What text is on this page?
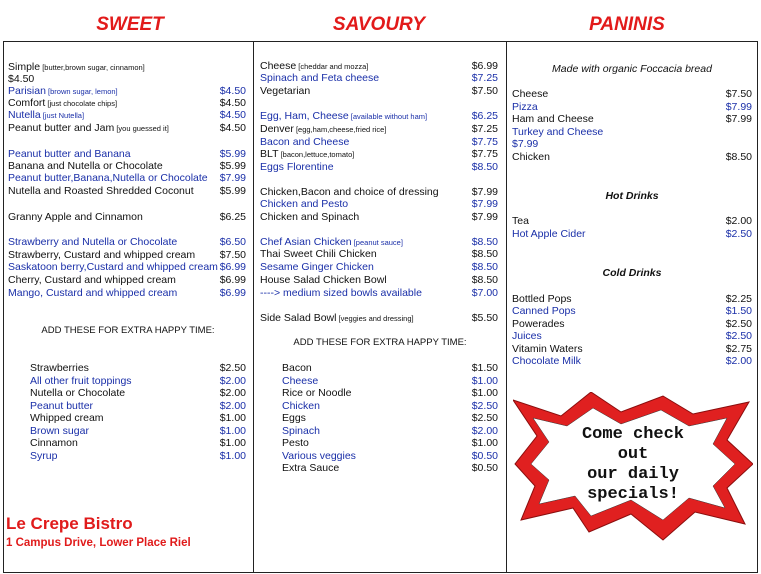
SWEET	SAVOURY	PANINIS
Simple [butter,brown sugar, cinnamon]
$4.50
Parisian [brown sugar, lemon]	$4.50
Comfort [just chocolate chips]	$4.50
Nutella [just Nutella]	$4.50
Peanut butter and Jam [you guessed it]	$4.50
Peanut butter and Banana	$5.99
Banana and Nutella or Chocolate	$5.99
Peanut butter,Banana,Nutella or Chocolate $7.99
Nutella and Roasted Shredded Coconut $5.99
Granny Apple and Cinnamon	$6.25
Strawberry and Nutella or Chocolate	$6.50
Strawberry, Custard and whipped cream $7.50
Saskatoon berry,Custard and whipped cream $6.99
Cherry, Custard and whipped cream	$6.99
Mango, Custard and whipped cream	$6.99
ADD THESE FOR EXTRA HAPPY TIME:
Strawberries	$2.50
All other fruit toppings	$2.00
Nutella or Chocolate	$2.00
Peanut butter	$2.00
Whipped cream	$1.00
Brown sugar	$1.00
Cinnamon	$1.00
Syrup	$1.00
Le Crepe Bistro
1 Campus Drive, Lower Place Riel
Cheese [cheddar and mozza]	$6.99
Spinach and Feta cheese	$7.25
Vegetarian	$7.50
Egg, Ham, Cheese [available without ham]	$6.25
Denver [egg,ham,cheese,fried rice]	$7.25
Bacon and Cheese	$7.75
BLT [bacon,lettuce,tomato]	$7.75
Eggs Florentine	$8.50
Chicken,Bacon and choice of dressing	$7.99
Chicken and Pesto	$7.99
Chicken and Spinach	$7.99
Chef Asian Chicken [peanut sauce]	$8.50
Thai Sweet Chili Chicken	$8.50
Sesame Ginger Chicken	$8.50
House Salad Chicken Bowl	$8.50
----> medium sized bowls available	$7.00
Side Salad Bowl [veggies and dressing]	$5.50
ADD THESE FOR EXTRA HAPPY TIME:
Bacon	$1.50
Cheese	$1.00
Rice or Noodle	$1.00
Chicken	$2.50
Eggs	$2.50
Spinach	$2.00
Pesto	$1.00
Various veggies	$0.50
Extra Sauce	$0.50
Made with organic Foccacia bread
Cheese	$7.50
Pizza	$7.99
Ham and Cheese	$7.99
Turkey and Cheese
$7.99
Chicken	$8.50
Hot Drinks
Tea	$2.00
Hot Apple Cider	$2.50
Cold Drinks
Bottled Pops	$2.25
Canned Pops	$1.50
Powerades	$2.50
Juices	$2.50
Vitamin Waters	$2.75
Chocolate Milk	$2.00
Come check
out
our daily
specials!
